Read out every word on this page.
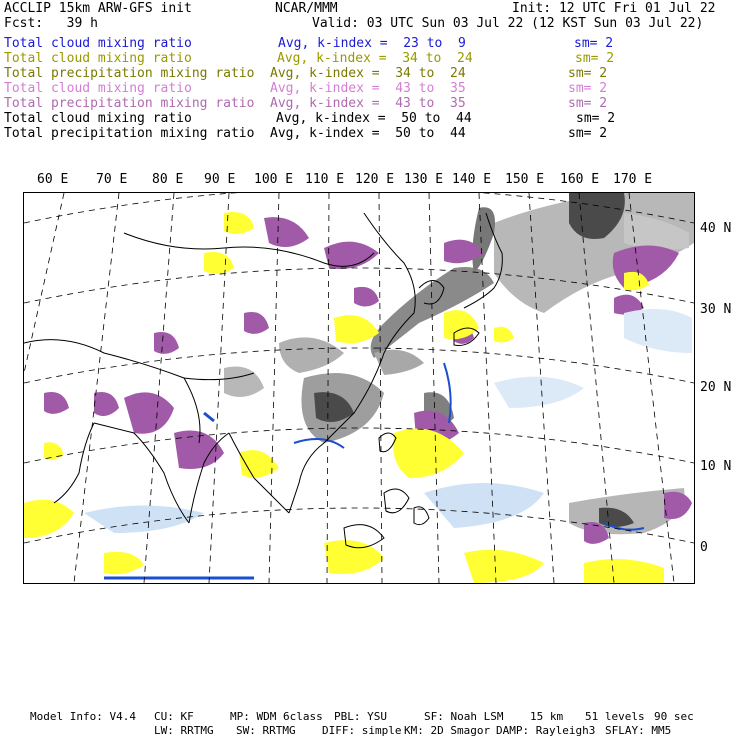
ACCLIP 15km ARW-GFS init	NCAR/MMM	Init: 12 UTC Fri 01 Jul 22
Fcst:   39 h	Valid: 03 UTC Sun 03 Jul 22 (12 KST Sun 03 Jul 22)
Total cloud mixing ratio	Avg, k-index =  23 to  9	sm= 2
Total cloud mixing ratio	Avg, k-index =  34 to  24	sm= 2
Total precipitation mixing ratio Avg, k-index =  34 to  24	sm= 2
Total cloud mixing ratio	Avg, k-index =  43 to  35	sm= 2
Total precipitation mixing ratio Avg, k-index =  43 to  35	sm= 2
Total cloud mixing ratio	Avg, k-index =  50 to  44	sm= 2
Total precipitation mixing ratio Avg, k-index =  50 to  44	sm= 2
60 E 70 E 80 E 90 E 100 E 110 E 120 E 130 E 140 E 150 E 160 E 170 E
40 N
30 N
20 N
10 N
0
Model Info: V4.4 CU: KF	MP: WDM 6class PBL: YSU	SF: Noah LSM 15 km 51 levels 90 sec
LW: RRTMG SW: RRTMG DIFF: simple KM: 2D Smagor DAMP: Rayleigh3 SFLAY: MM5
